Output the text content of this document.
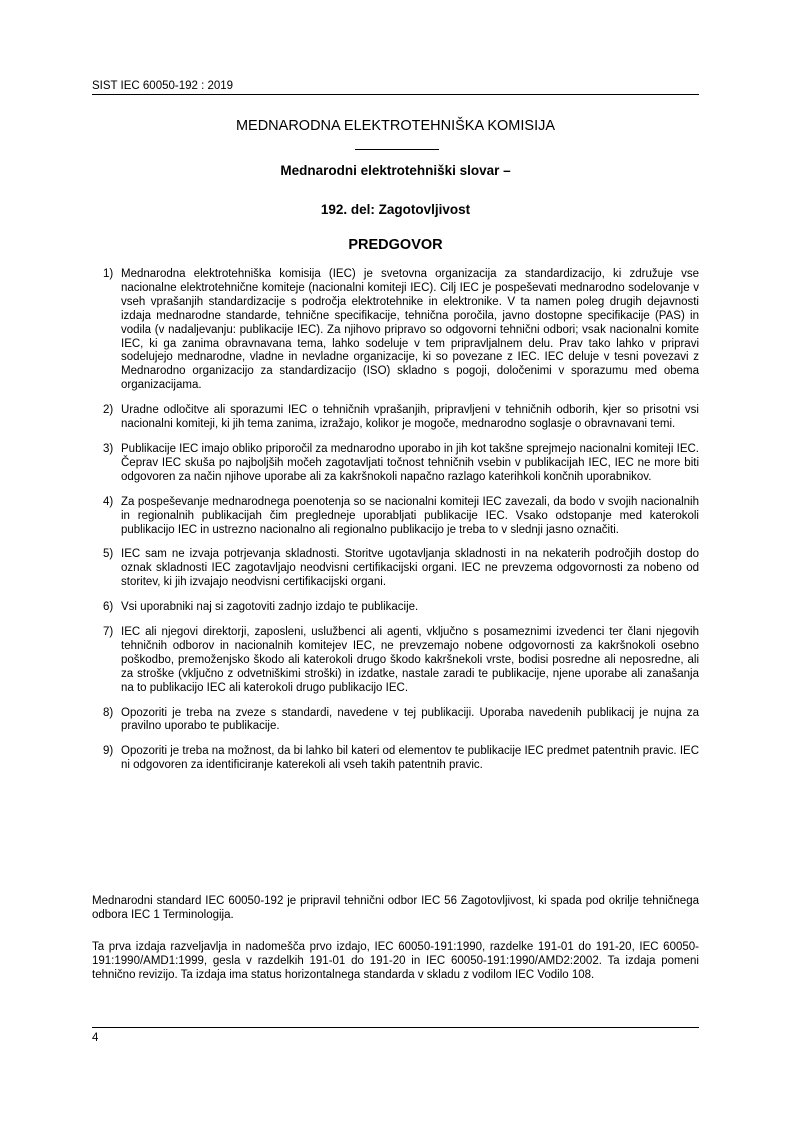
SIST IEC 60050-192 : 2019
MEDNARODNA ELEKTROTEHNIŠKA KOMISIJA
Mednarodni elektrotehniški slovar –
192. del: Zagotovljivost
PREDGOVOR
1) Mednarodna elektrotehniška komisija (IEC) je svetovna organizacija za standardizacijo, ki združuje vse nacionalne elektrotehnične komiteje (nacionalni komiteji IEC). Cilj IEC je pospeševati mednarodno sodelovanje v vseh vprašanjih standardizacije s področja elektrotehnike in elektronike. V ta namen poleg drugih dejavnosti izdaja mednarodne standarde, tehnične specifikacije, tehnična poročila, javno dostopne specifikacije (PAS) in vodila (v nadaljevanju: publikacije IEC). Za njihovo pripravo so odgovorni tehnični odbori; vsak nacionalni komite IEC, ki ga zanima obravnavana tema, lahko sodeluje v tem pripravljalnem delu. Prav tako lahko v pripravi sodelujejo mednarodne, vladne in nevladne organizacije, ki so povezane z IEC. IEC deluje v tesni povezavi z Mednarodno organizacijo za standardizacijo (ISO) skladno s pogoji, določenimi v sporazumu med obema organizacijama.

2) Uradne odločitve ali sporazumi IEC o tehničnih vprašanjih, pripravljeni v tehničnih odborih, kjer so prisotni vsi nacionalni komiteji, ki jih tema zanima, izražajo, kolikor je mogoče, mednarodno soglasje o obravnavani temi.

3) Publikacije IEC imajo obliko priporočil za mednarodno uporabo in jih kot takšne sprejmejo nacionalni komiteji IEC. Čeprav IEC skuša po najboljših močeh zagotavljati točnost tehničnih vsebin v publikacijah IEC, IEC ne more biti odgovoren za način njihove uporabe ali za kakršnokoli napačno razlago katerihkoli končnih uporabnikov.

4) Za pospeševanje mednarodnega poenotenja so se nacionalni komiteji IEC zavezali, da bodo v svojih nacionalnih in regionalnih publikacijah čim pregledneje uporabljati publikacije IEC. Vsako odstopanje med katerokoli publikacijo IEC in ustrezno nacionalno ali regionalno publikacijo je treba to v slednji jasno označiti.

5) IEC sam ne izvaja potrjevanja skladnosti. Storitve ugotavljanja skladnosti in na nekaterih področjih dostop do oznak skladnosti IEC zagotavljajo neodvisni certifikacijski organi. IEC ne prevzema odgovornosti za nobeno od storitev, ki jih izvajajo neodvisni certifikacijski organi.

6) Vsi uporabniki naj si zagotoviti zadnjo izdajo te publikacije.

7) IEC ali njegovi direktorji, zaposleni, uslužbenci ali agenti, vključno s posameznimi izvedenci ter člani njegovih tehničnih odborov in nacionalnih komitejev IEC, ne prevzemajo nobene odgovornosti za kakršnokoli osebno poškodbo, premoženjsko škodo ali katerokoli drugo škodo kakršnekoli vrste, bodisi posredne ali neposredne, ali za stroške (vključno z odvetniškimi stroški) in izdatke, nastale zaradi te publikacije, njene uporabe ali zanašanja na to publikacijo IEC ali katerokoli drugo publikacijo IEC.

8) Opozoriti je treba na zveze s standardi, navedene v tej publikaciji. Uporaba navedenih publikacij je nujna za pravilno uporabo te publikacije.

9) Opozoriti je treba na možnost, da bi lahko bil kateri od elementov te publikacije IEC predmet patentnih pravic. IEC ni odgovoren za identificiranje katerekoli ali vseh takih patentnih pravic.

Mednarodni standard IEC 60050-192 je pripravil tehnični odbor IEC 56 Zagotovljivost, ki spada pod okrilje tehničnega odbora IEC 1 Terminologija.

Ta prva izdaja razveljavlja in nadomešča prvo izdajo, IEC 60050-191:1990, razdelke 191-01 do 191-20, IEC 60050-191:1990/AMD1:1999, gesla v razdelkih 191-01 do 191-20 in IEC 60050-191:1990/AMD2:2002. Ta izdaja pomeni tehnično revizijo. Ta izdaja ima status horizontalnega standarda v skladu z vodilom IEC Vodilo 108.

4
